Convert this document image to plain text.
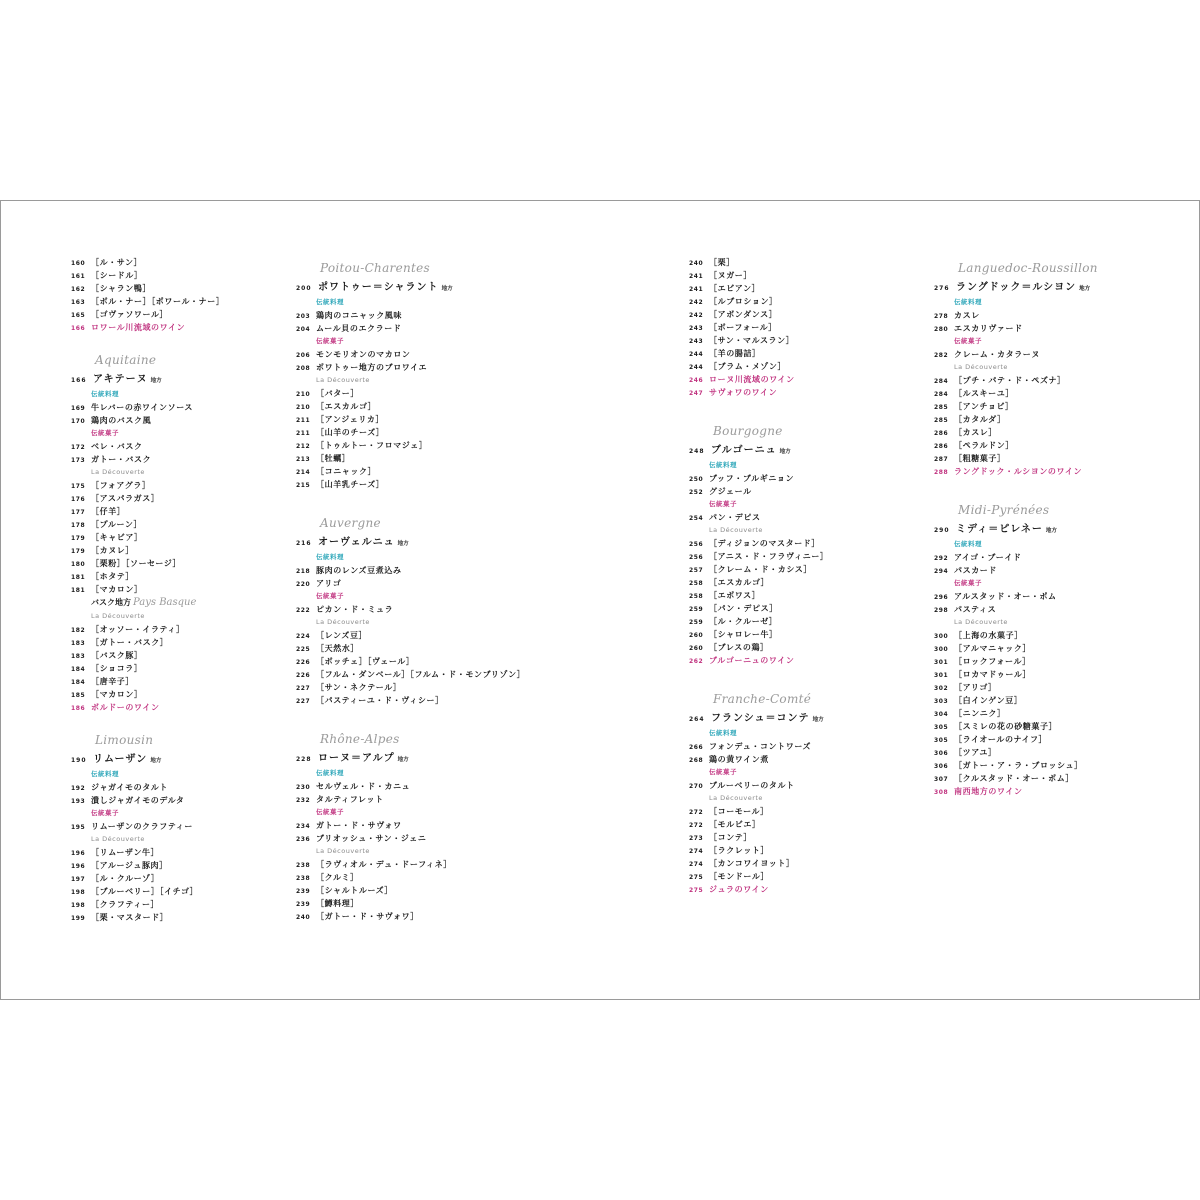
160 ［ル・サン］
161 ［シードル］
162 ［シャラン鴨］
163 ［ボル・ナー］［ポワール・ナー］
165 ［ゴヴァソワール］
166 ロワール川流域のワイン
Aquitaine
166 アキテーヌ 地方
伝統料理
169 牛レバーの赤ワインソース
170 鶏肉のバスク風
伝統菓子
172 ベレ・バスク
173 ガトー・バスク
La Découverte
175 ［フォアグラ］
176 ［アスパラガス］
177 ［仔羊］
178 ［プルーン］
179 ［キャビア］
179 ［カヌレ］
180 ［栗粉］［ソーセージ］
181 ［ホタテ］
181 ［マカロン］
バスク地方 Pays Basque
La Découverte
182 ［オッソー・イラティ］
183 ［ガトー・バスク］
183 ［バスク豚］
184 ［ショコラ］
184 ［唐辛子］
185 ［マカロン］
186 ボルドーのワイン
Limousin
190 リムーザン 地方
伝統料理
192 ジャガイモのタルト
193 潰しジャガイモのデルタ
伝統菓子
195 リムーザンのクラフティー
La Découverte
196 ［リムーザン牛］
196 ［アルージュ豚肉］
197 ［ル・クルーゾ］
198 ［ブルーベリー］［イチゴ］
198 ［クラフティー］
199 ［栗・マスタード］
Poitou-Charentes
200 ポワトゥー＝シャラント 地方
伝統料理
203 鶏肉のコニャック風味
204 ムール貝のエクラード
伝統菓子
206 モンモリオンのマカロン
208 ポワトゥー地方のブロワイエ
La Découverte
210 ［バター］
210 ［エスカルゴ］
211 ［アンジェリカ］
211 ［山羊のチーズ］
212 ［トゥルトー・フロマジェ］
213 ［牡蠣］
214 ［コニャック］
215 ［山羊乳チーズ］
Auvergne
216 オーヴェルニュ 地方
伝統料理
218 豚肉のレンズ豆煮込み
220 アリゴ
伝統菓子
222 ピカン・ド・ミュラ
La Découverte
224 ［レンズ豆］
225 ［天然水］
226 ［ボッチェ］［ヴェール］
226 ［フルム・ダンベール］［フルム・ド・モンブリゾン］
227 ［サン・ネクテール］
227 ［パスティーユ・ド・ヴィシー］
Rhône-Alpes
228 ローヌ＝アルプ 地方
伝統料理
230 セルヴェル・ド・カニュ
232 タルティフレット
伝統菓子
234 ガトー・ド・サヴォワ
236 ブリオッシュ・サン・ジェニ
La Découverte
238 ［ラヴィオル・デュ・ドーフィネ］
238 ［クルミ］
239 ［シャルトルーズ］
239 ［鱒料理］
240 ［ガトー・ド・サヴォワ］
240 ［栗］
241 ［ヌガー］
241 ［エビアン］
242 ［ルブロション］
242 ［アボンダンス］
243 ［ボーフォール］
243 ［サン・マルスラン］
244 ［羊の腸詰］
244 ［ブラム・メゾン］
246 ローヌ川流域のワイン
247 サヴォワのワイン
Bourgogne
248 ブルゴーニュ 地方
伝統料理
250 ブッフ・ブルギニョン
252 グジェール
伝統菓子
254 パン・デピス
La Découverte
256 ［ディジョンのマスタード］
256 ［アニス・ド・フラヴィニー］
257 ［クレーム・ド・カシス］
258 ［エスカルゴ］
258 ［エポワス］
259 ［パン・デピス］
259 ［ル・クルーゼ］
260 ［シャロレー牛］
260 ［ブレスの鶏］
262 ブルゴーニュのワイン
Franche-Comté
264 フランシュ＝コンテ 地方
伝統料理
266 フォンデュ・コントワーズ
268 鶏の黄ワイン煮
伝統菓子
270 ブルーベリーのタルト
La Découverte
272 ［コーモール］
272 ［モルビエ］
273 ［コンテ］
274 ［ラクレット］
274 ［カンコワイヨット］
275 ［モンドール］
275 ジュラのワイン
Languedoc-Roussillon
276 ラングドック＝ルシヨン 地方
伝統料理
278 カスレ
280 エスカリヴァード
伝統菓子
282 クレーム・カタラーヌ
La Découverte
284 ［プチ・パテ・ド・ペズナ］
284 ［ルスキーユ］
285 ［アンチョビ］
285 ［カタルダ］
286 ［カスレ］
286 ［ペラルドン］
287 ［粗糖菓子］
288 ラングドック・ルシヨンのワイン
Midi-Pyrénées
290 ミディ＝ピレネー 地方
伝統料理
292 アイゴ・ブーイド
294 パスカード
伝統菓子
296 アルスタッド・オー・ポム
298 パスティス
La Découverte
300 ［上海の水菓子］
300 ［アルマニャック］
301 ［ロックフォール］
301 ［ロカマドゥール］
302 ［アリゴ］
303 ［白インゲン豆］
304 ［ニンニク］
305 ［スミレの花の砂糖菓子］
305 ［ライオールのナイフ］
306 ［ツアユ］
306 ［ガトー・ア・ラ・ブロッシュ］
307 ［クルスタッド・オー・ポム］
308 南西地方のワイン
